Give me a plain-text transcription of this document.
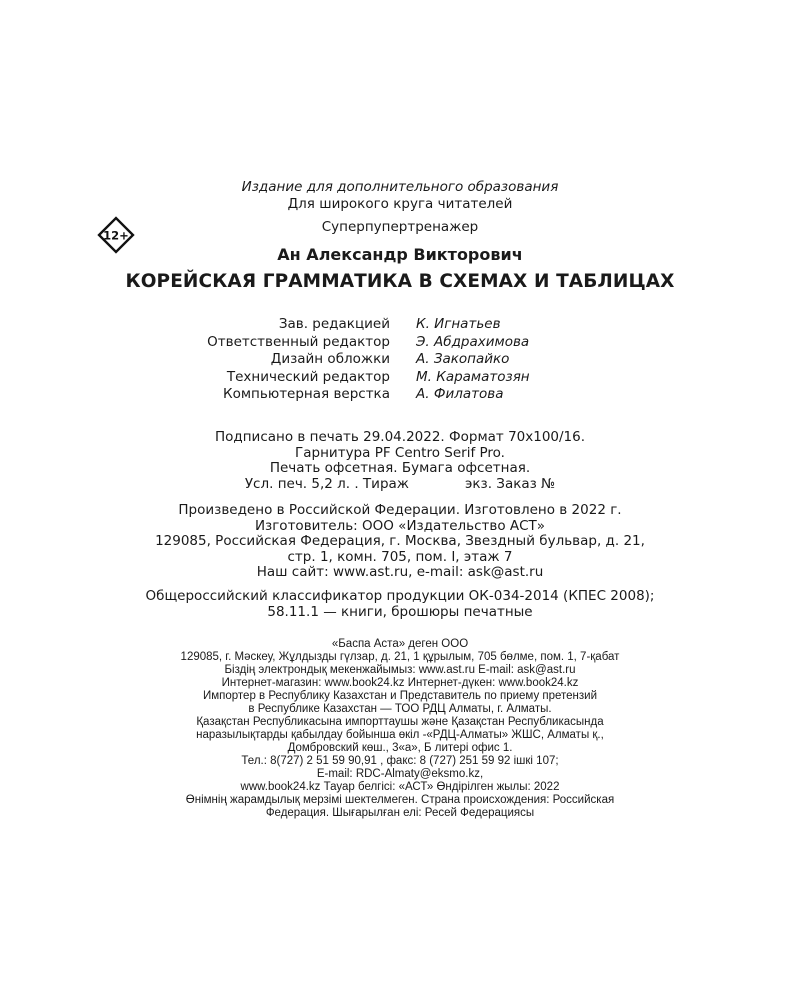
Издание для дополнительного образования
Для широкого круга читателей
Суперпупертренажер
12+
Ан Александр Викторович
КОРЕЙСКАЯ ГРАММАТИКА В СХЕМАХ И ТАБЛИЦАХ
Зав. редакцией К. Игнатьев
Ответственный редактор Э. Абдрахимова
Дизайн обложки А. Закопайко
Технический редактор М. Караматозян
Компьютерная верстка А. Филатова
Подписано в печать 29.04.2022. Формат 70x100/16.
Гарнитура PF Centro Serif Pro.
Печать офсетная. Бумага офсетная.
Усл. печ. 5,2 л. . Тираж	экз. Заказ №
Произведено в Российской Федерации. Изготовлено в 2022 г.
Изготовитель: ООО «Издательство АСТ»
129085, Российская Федерация, г. Москва, Звездный бульвар, д. 21,
стр. 1, комн. 705, пом. I, этаж 7
Наш сайт: www.ast.ru, e-mail: ask@ast.ru
Общероссийский классификатор продукции ОК-034-2014 (КПЕС 2008);
58.11.1 — книги, брошюры печатные
«Баспа Аста» деген ООО
129085, г. Мәскеу, Жұлдызды гүлзар, д. 21, 1 құрылым, 705 бөлме, пом. 1, 7-қабат
Біздің электрондық мекенжайымыз: www.ast.ru E-mail: ask@ast.ru
Интернет-магазин: www.book24.kz Интернет-дүкен: www.book24.kz
Импортер в Республику Казахстан и Представитель по приему претензий
в Республике Казахстан — ТОО РДЦ Алматы, г. Алматы.
Қазақстан Республикасына импорттаушы және Қазақстан Республикасында
наразылықтарды қабылдау бойынша өкіл -«РДЦ-Алматы» ЖШС, Алматы қ.,
Домбровский көш., 3«а», Б литері офис 1.
Тел.: 8(727) 2 51 59 90,91 , факс: 8 (727) 251 59 92 ішкі 107;
E-mail: RDC-Almaty@eksmo.kz,
www.book24.kz Тауар белгісі: «АСТ» Өндірілген жылы: 2022
Өнімнің жарамдылық мерзімі шектелмеген. Страна происхождения: Российская
Федерация. Шығарылған елі: Ресей Федерациясы
